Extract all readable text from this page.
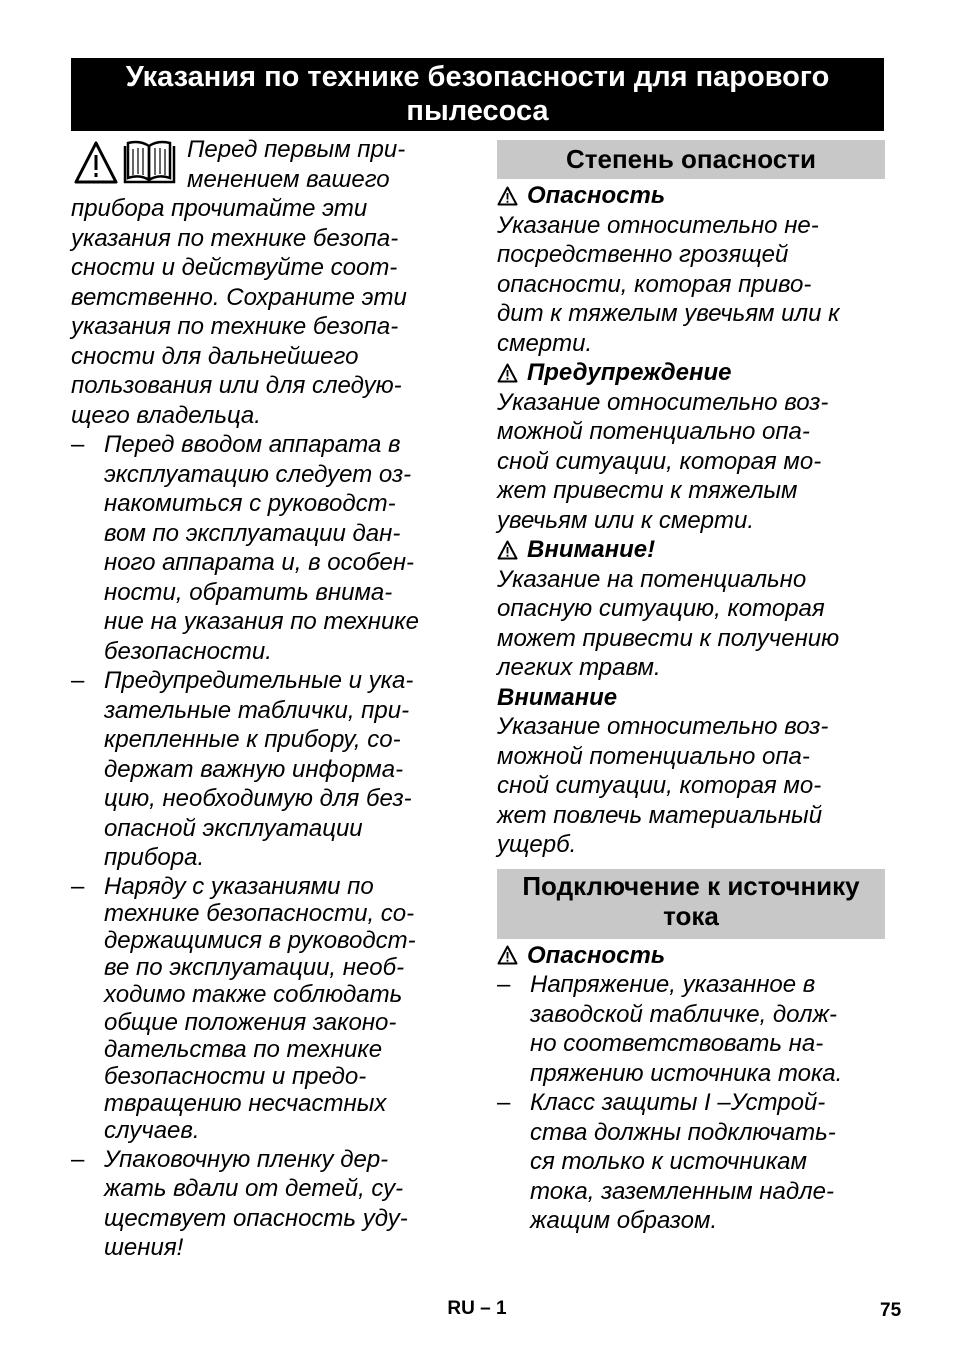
Указания по технике безопасности для парового
пылесоса
Перед первым при-
менением вашего
прибора прочитайте эти
указания по технике безопа-
сности и действуйте соот-
ветственно. Сохраните эти
указания по технике безопа-
сности для дальнейшего
пользования или для следую-
щего владельца.
– Перед вводом аппарата в
эксплуатацию следует оз-
накомиться с руководст-
вом по эксплуатации дан-
ного аппарата и, в особен-
ности, обратить внима-
ние на указания по технике
безопасности.
– Предупредительные и ука-
зательные таблички, при-
крепленные к прибору, со-
держат важную информа-
цию, необходимую для без-
опасной эксплуатации
прибора.
– Наряду с указаниями по
технике безопасности, со-
держащимися в руководст-
ве по эксплуатации, необ-
ходимо также соблюдать
общие положения законо-
дательства по технике
безопасности и предо-
твращению несчастных
случаев.
– Упаковочную пленку дер-
жать вдали от детей, су-
ществует опасность уду-
шения!
Степень опасности
Опасность
Указание относительно не-
посредственно грозящей
опасности, которая приво-
дит к тяжелым увечьям или к
смерти.
Предупреждение
Указание относительно воз-
можной потенциально опа-
сной ситуации, которая мо-
жет привести к тяжелым
увечьям или к смерти.
Внимание!
Указание на потенциально
опасную ситуацию, которая
может привести к получению
легких травм.
Внимание
Указание относительно воз-
можной потенциально опа-
сной ситуации, которая мо-
жет повлечь материальный
ущерб.
Подключение к источнику
тока
Опасность
– Напряжение, указанное в
заводской табличке, долж-
но соответствовать на-
пряжению источника тока.
– Класс защиты I –Устрой-
ства должны подключать-
ся только к источникам
тока, заземленным надле-
жащим образом.
RU – 1	75
